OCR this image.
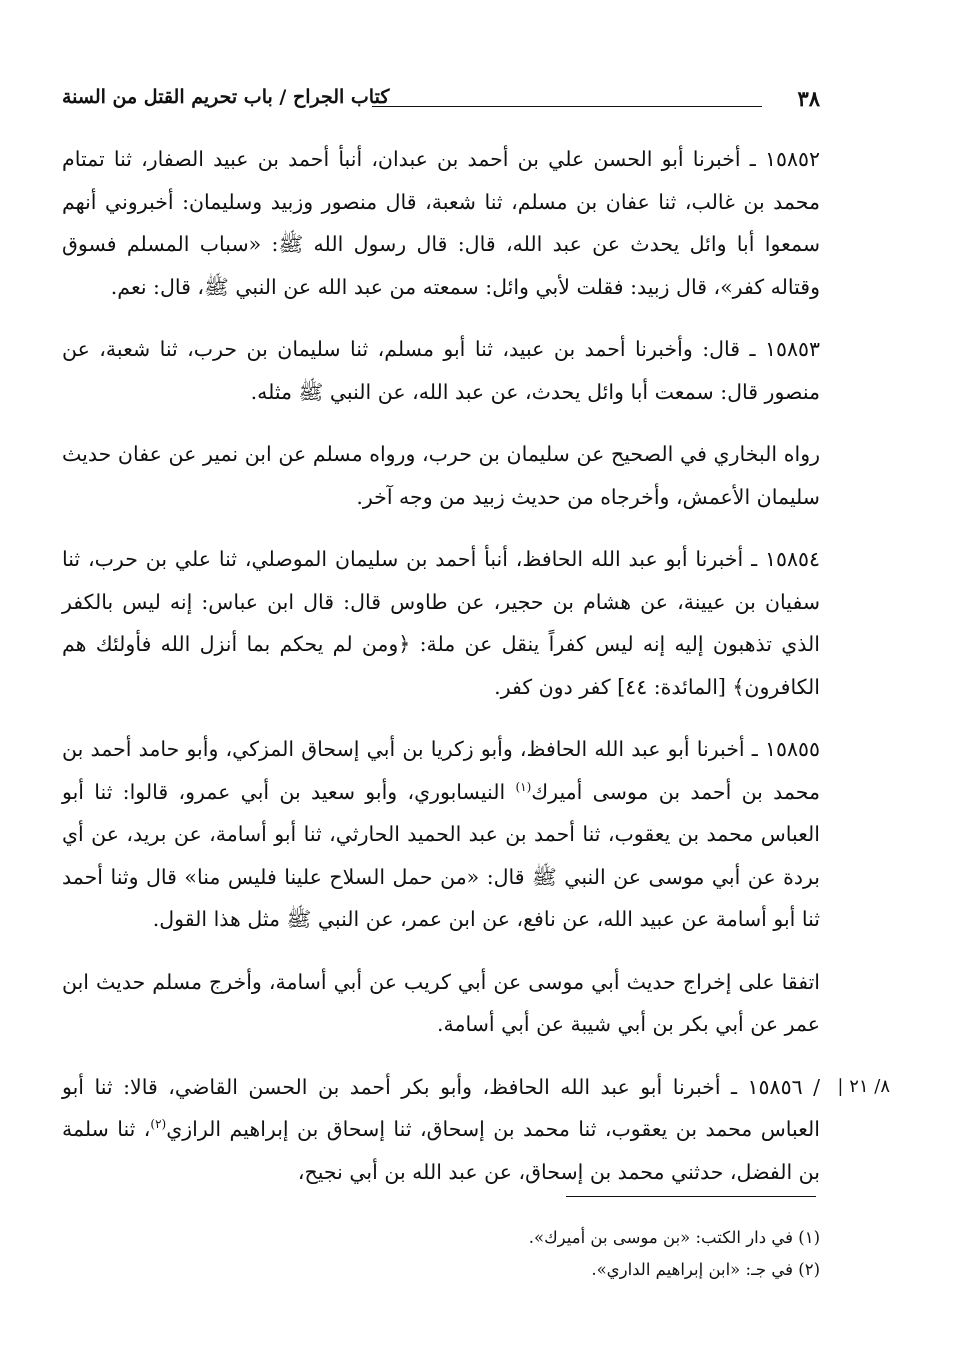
٣٨
كتاب الجراح / باب تحريم القتل من السنة

١٥٨٥٢ ـ أخبرنا أبو الحسن علي بن أحمد بن عبدان، أنبأ أحمد بن عبيد الصفار، ثنا تمتام محمد بن غالب، ثنا عفان بن مسلم، ثنا شعبة، قال منصور وزبيد وسليمان: أخبروني أنهم سمعوا أبا وائل يحدث عن عبد الله، قال: قال رسول الله ﷺ: «سباب المسلم فسوق وقتاله كفر»، قال زبيد: فقلت لأبي وائل: سمعته من عبد الله عن النبي ﷺ، قال: نعم.

١٥٨٥٣ ـ قال: وأخبرنا أحمد بن عبيد، ثنا أبو مسلم، ثنا سليمان بن حرب، ثنا شعبة، عن منصور قال: سمعت أبا وائل يحدث، عن عبد الله، عن النبي ﷺ مثله.

رواه البخاري في الصحيح عن سليمان بن حرب، ورواه مسلم عن ابن نمير عن عفان حديث سليمان الأعمش، وأخرجاه من حديث زبيد من وجه آخر.

١٥٨٥٤ ـ أخبرنا أبو عبد الله الحافظ، أنبأ أحمد بن سليمان الموصلي، ثنا علي بن حرب، ثنا سفيان بن عيينة، عن هشام بن حجير، عن طاوس قال: قال ابن عباس: إنه ليس بالكفر الذي تذهبون إليه إنه ليس كفراً ينقل عن ملة: ﴿ومن لم يحكم بما أنزل الله فأولئك هم الكافرون﴾ [المائدة: ٤٤] كفر دون كفر.

١٥٨٥٥ ـ أخبرنا أبو عبد الله الحافظ، وأبو زكريا بن أبي إسحاق المزكي، وأبو حامد أحمد بن محمد بن أحمد بن موسى أميرك$^{(١)}$ النيسابوري، وأبو سعيد بن أبي عمرو، قالوا: ثنا أبو العباس محمد بن يعقوب، ثنا أحمد بن عبد الحميد الحارثي، ثنا أبو أسامة، عن بريد، عن أي بردة عن أبي موسى عن النبي ﷺ قال: «من حمل السلاح علينا فليس منا» قال وثنا أحمد ثنا أبو أسامة عن عبيد الله، عن نافع، عن ابن عمر، عن النبي ﷺ مثل هذا القول.

اتفقا على إخراج حديث أبي موسى عن أبي كريب عن أبي أسامة، وأخرج مسلم حديث ابن عمر عن أبي بكر بن أبي شيبة عن أبي أسامة.

٨/ ٢١ |
/ ١٥٨٥٦ ـ أخبرنا أبو عبد الله الحافظ، وأبو بكر أحمد بن الحسن القاضي، قالا: ثنا أبو العباس محمد بن يعقوب، ثنا محمد بن إسحاق، ثنا إسحاق بن إبراهيم الرازي$^{(٢)}$، ثنا سلمة بن الفضل، حدثني محمد بن إسحاق، عن عبد الله بن أبي نجيح،

(١) في دار الكتب: «بن موسى بن أميرك».

(٢) في جـ: «ابن إبراهيم الداري».
